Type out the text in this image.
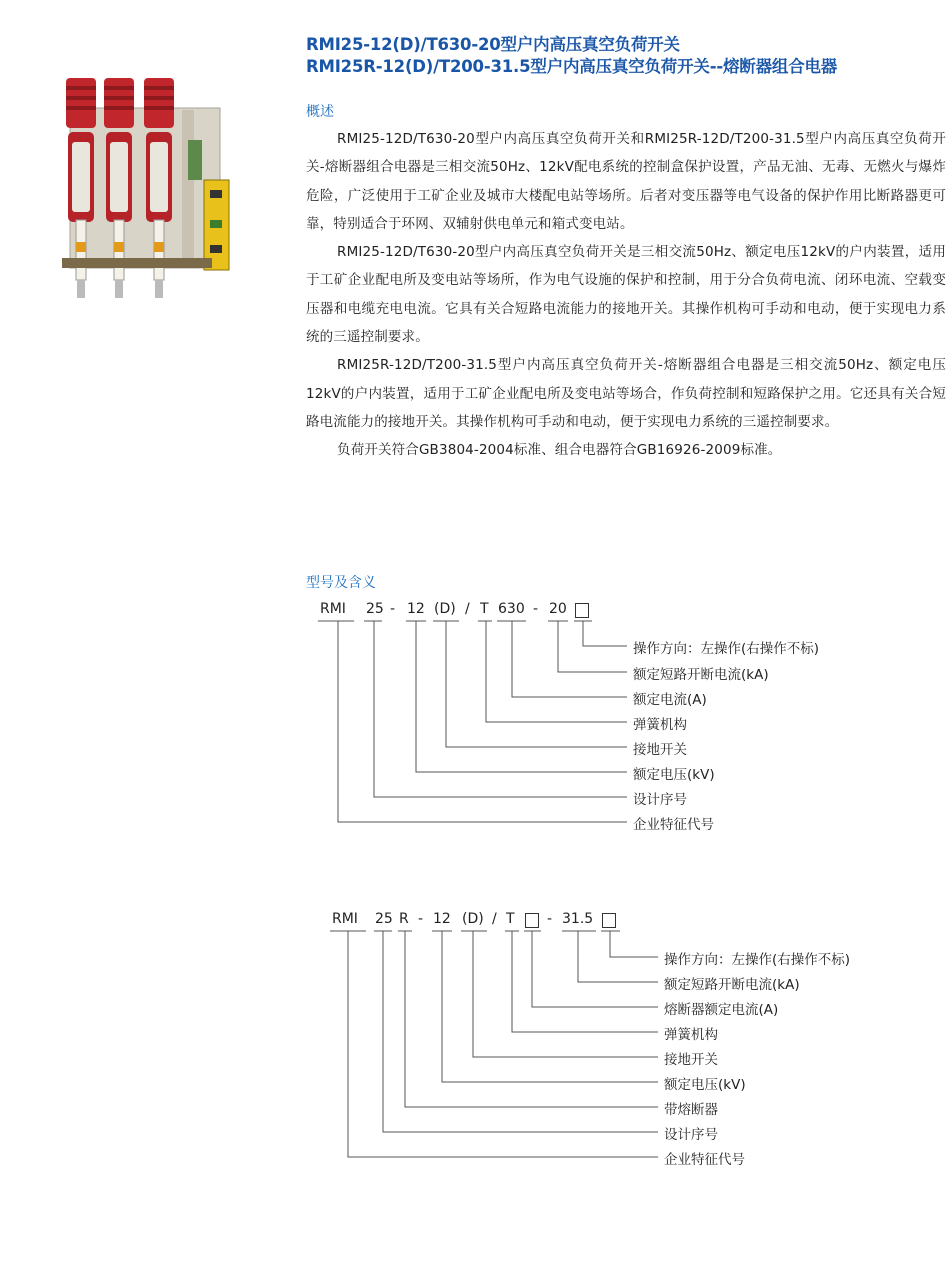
RMI25-12(D)/T630-20型户内高压真空负荷开关
RMI25R-12(D)/T200-31.5型户内高压真空负荷开关--熔断器组合电器
概述

RMI25-12D/T630-20型户内高压真空负荷开关和RMI25R-12D/T200-31.5型户内高压真空负荷开关-熔断器组合电器是三相交流50Hz、12kV配电系统的控制盒保护设置，产品无油、无毒、无燃火与爆炸危险，广泛使用于工矿企业及城市大楼配电站等场所。后者对变压器等电气设备的保护作用比断路器更可靠，特别适合于环网、双辅射供电单元和箱式变电站。

RMI25-12D/T630-20型户内高压真空负荷开关是三相交流50Hz、额定电压12kV的户内装置，适用于工矿企业配电所及变电站等场所，作为电气设施的保护和控制，用于分合负荷电流、闭环电流、空载变压器和电缆充电电流。它具有关合短路电流能力的接地开关。其操作机构可手动和电动，便于实现电力系统的三遥控制要求。

RMI25R-12D/T200-31.5型户内高压真空负荷开关-熔断器组合电器是三相交流50Hz、额定电压12kV的户内装置，适用于工矿企业配电所及变电站等场合，作负荷控制和短路保护之用。它还具有关合短路电流能力的接地开关。其操作机构可手动和电动，便于实现电力系统的三遥控制要求。

负荷开关符合GB3804-2004标准、组合电器符合GB16926-2009标准。

型号及含义
RMI 25 - 12 (D) / T 630 - 20
操作方向：左操作(右操作不标)
额定短路开断电流(kA)
额定电流(A)
弹簧机构
接地开关
额定电压(kV)
设计序号
企业特征代号
RMI 25 R - 12 (D) / T - 31.5
操作方向：左操作(右操作不标)
额定短路开断电流(kA)
熔断器额定电流(A)
弹簧机构
接地开关
额定电压(kV)
带熔断器
设计序号
企业特征代号
